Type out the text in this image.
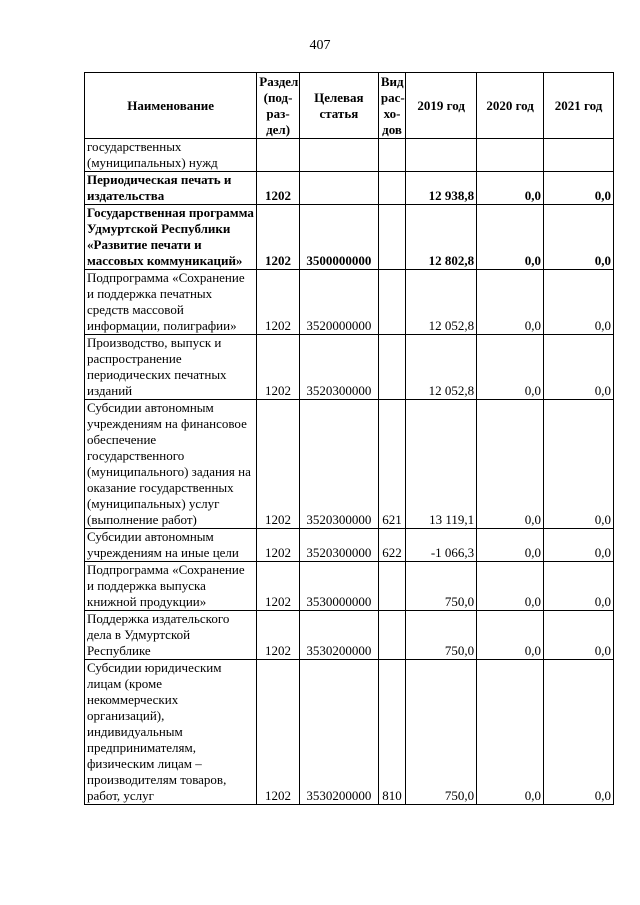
407
Наименование	Раздел (под-раз-дел)	Целевая статья	Вид рас-хо-дов	2019 год	2020 год	2021 год
государственных (муниципальных) нужд						
Периодическая печать и издательства	1202			12 938,8	0,0	0,0
Государственная программа Удмуртской Республики «Развитие печати и массовых коммуникаций»	1202	3500000000		12 802,8	0,0	0,0
Подпрограмма «Сохранение и поддержка печатных средств массовой информации, полиграфии»	1202	3520000000		12 052,8	0,0	0,0
Производство, выпуск и распространение периодических печатных изданий	1202	3520300000		12 052,8	0,0	0,0
Субсидии автономным учреждениям на финансовое обеспечение государственного (муниципального) задания на оказание государственных (муниципальных) услуг (выполнение работ)	1202	3520300000	621	13 119,1	0,0	0,0
Субсидии автономным учреждениям на иные цели	1202	3520300000	622	-1 066,3	0,0	0,0
Подпрограмма «Сохранение и поддержка выпуска книжной продукции»	1202	3530000000		750,0	0,0	0,0
Поддержка издательского дела в Удмуртской Республике	1202	3530200000		750,0	0,0	0,0
Субсидии юридическим лицам (кроме некоммерческих организаций), индивидуальным предпринимателям, физическим лицам – производителям товаров, работ, услуг	1202	3530200000	810	750,0	0,0	0,0
